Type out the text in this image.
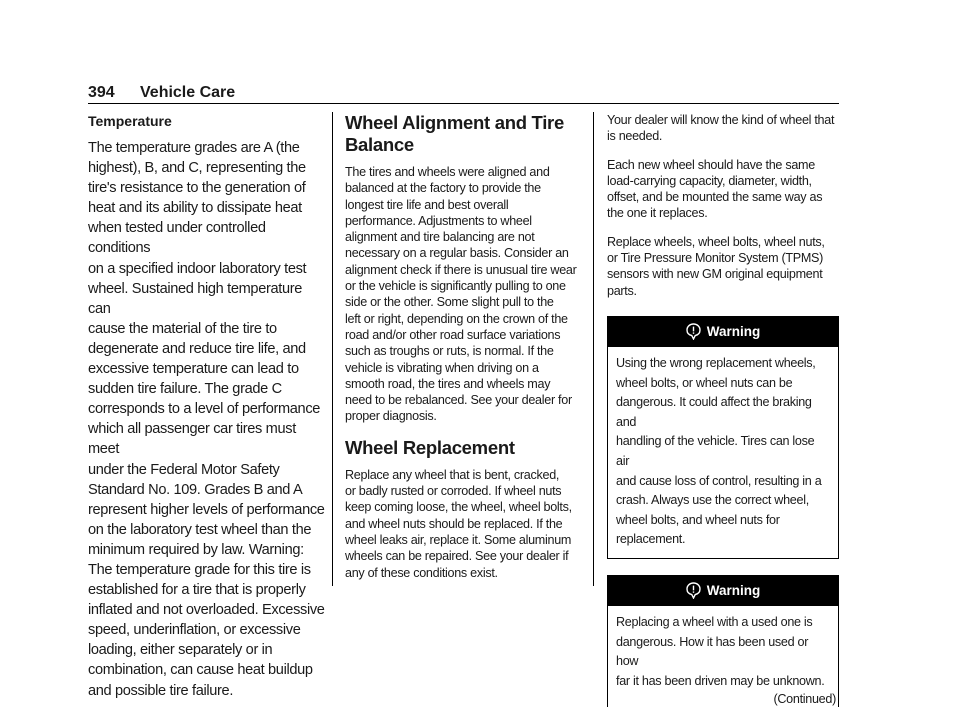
394 Vehicle Care
Temperature
The temperature grades are A (the
highest), B, and C, representing the
tire's resistance to the generation of
heat and its ability to dissipate heat
when tested under controlled conditions
on a specified indoor laboratory test
wheel. Sustained high temperature can
cause the material of the tire to
degenerate and reduce tire life, and
excessive temperature can lead to
sudden tire failure. The grade C
corresponds to a level of performance
which all passenger car tires must meet
under the Federal Motor Safety
Standard No. 109. Grades B and A
represent higher levels of performance
on the laboratory test wheel than the
minimum required by law. Warning:
The temperature grade for this tire is
established for a tire that is properly
inflated and not overloaded. Excessive
speed, underinflation, or excessive
loading, either separately or in
combination, can cause heat buildup
and possible tire failure.
Wheel Alignment and Tire
Balance
The tires and wheels were aligned and
balanced at the factory to provide the
longest tire life and best overall
performance. Adjustments to wheel
alignment and tire balancing are not
necessary on a regular basis. Consider an
alignment check if there is unusual tire wear
or the vehicle is significantly pulling to one
side or the other. Some slight pull to the
left or right, depending on the crown of the
road and/or other road surface variations
such as troughs or ruts, is normal. If the
vehicle is vibrating when driving on a
smooth road, the tires and wheels may
need to be rebalanced. See your dealer for
proper diagnosis.
Wheel Replacement
Replace any wheel that is bent, cracked,
or badly rusted or corroded. If wheel nuts
keep coming loose, the wheel, wheel bolts,
and wheel nuts should be replaced. If the
wheel leaks air, replace it. Some aluminum
wheels can be repaired. See your dealer if
any of these conditions exist.
Your dealer will know the kind of wheel that
is needed.
Each new wheel should have the same
load-carrying capacity, diameter, width,
offset, and be mounted the same way as
the one it replaces.
Replace wheels, wheel bolts, wheel nuts,
or Tire Pressure Monitor System (TPMS)
sensors with new GM original equipment
parts.
Warning
Using the wrong replacement wheels,
wheel bolts, or wheel nuts can be
dangerous. It could affect the braking and
handling of the vehicle. Tires can lose air
and cause loss of control, resulting in a
crash. Always use the correct wheel,
wheel bolts, and wheel nuts for
replacement.
Warning
Replacing a wheel with a used one is
dangerous. How it has been used or how
far it has been driven may be unknown.
(Continued)
